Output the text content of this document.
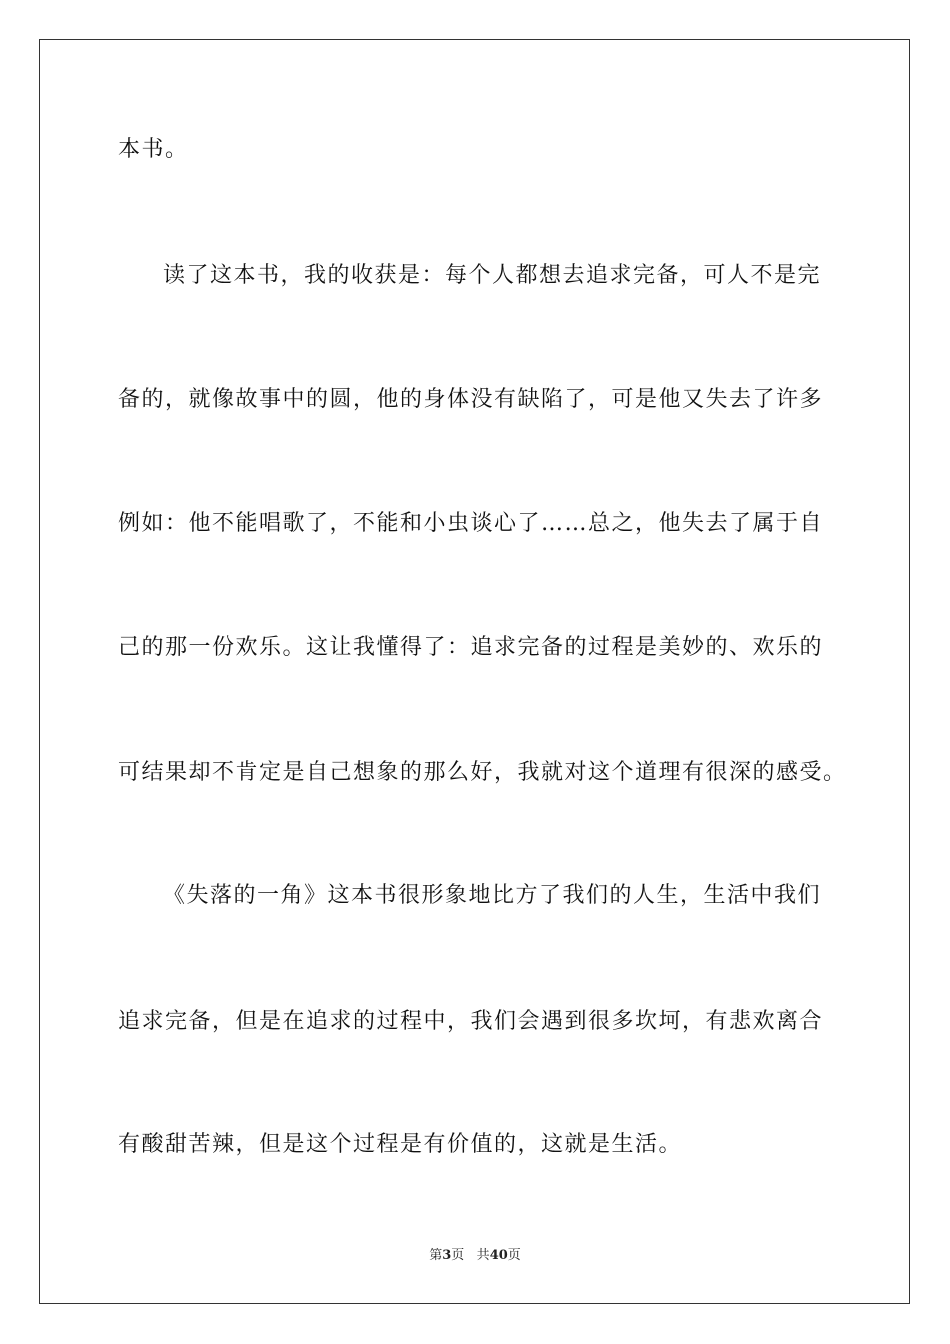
本书。
读了这本书，我的收获是：每个人都想去追求完备，可人不是完
备的，就像故事中的圆，他的身体没有缺陷了，可是他又失去了许多
例如：他不能唱歌了，不能和小虫谈心了……总之，他失去了属于自
己的那一份欢乐。这让我懂得了：追求完备的过程是美妙的、欢乐的
可结果却不肯定是自己想象的那么好，我就对这个道理有很深的感受。
《失落的一角》这本书很形象地比方了我们的人生，生活中我们
追求完备，但是在追求的过程中，我们会遇到很多坎坷，有悲欢离合
有酸甜苦辣，但是这个过程是有价值的，这就是生活。
第3页 共40页
